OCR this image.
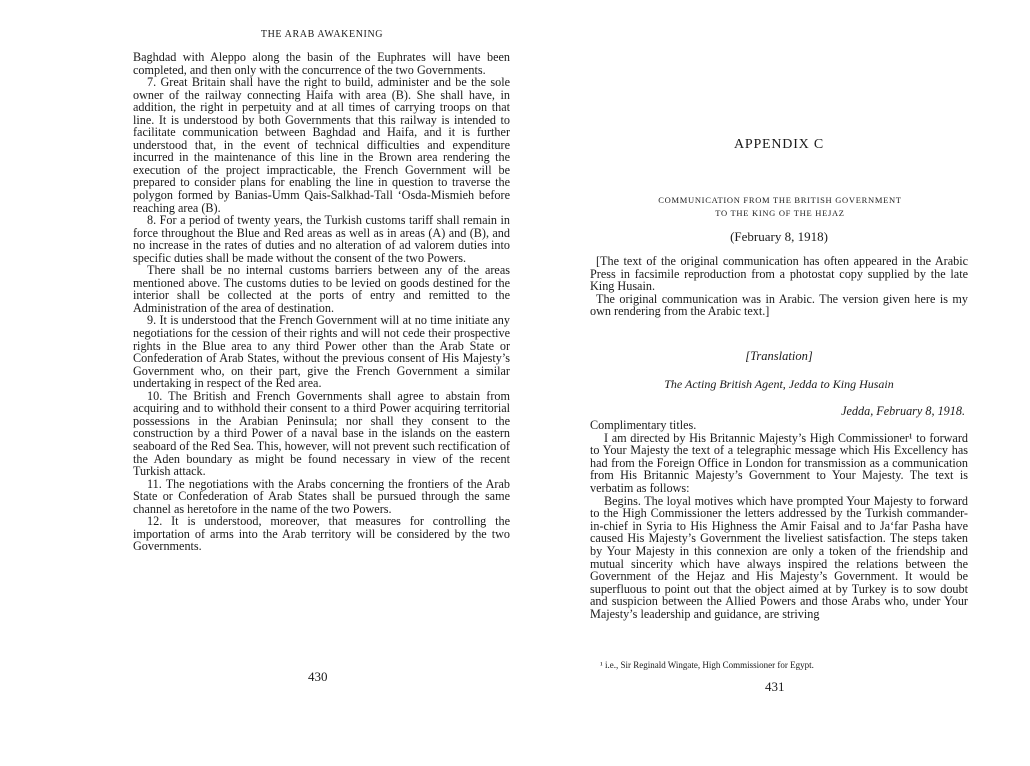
THE ARAB AWAKENING

Baghdad with Aleppo along the basin of the Euphrates will have been completed, and then only with the concurrence of the two Governments.

7. Great Britain shall have the right to build, administer and be the sole owner of the railway connecting Haifa with area (B). She shall have, in addition, the right in perpetuity and at all times of carrying troops on that line. It is understood by both Governments that this railway is intended to facilitate communication between Baghdad and Haifa, and it is further understood that, in the event of technical difficulties and expenditure incurred in the maintenance of this line in the Brown area rendering the execution of the project impracticable, the French Government will be prepared to consider plans for enabling the line in question to traverse the polygon formed by Banias-Umm Qais-Salkhad-Tall ‘Osda-Mismieh before reaching area (B).

8. For a period of twenty years, the Turkish customs tariff shall remain in force throughout the Blue and Red areas as well as in areas (A) and (B), and no increase in the rates of duties and no alteration of ad valorem duties into specific duties shall be made without the consent of the two Powers.

There shall be no internal customs barriers between any of the areas mentioned above. The customs duties to be levied on goods destined for the interior shall be collected at the ports of entry and remitted to the Administration of the area of destination.

9. It is understood that the French Government will at no time initiate any negotiations for the cession of their rights and will not cede their prospective rights in the Blue area to any third Power other than the Arab State or Confederation of Arab States, without the previous consent of His Majesty’s Government who, on their part, give the French Government a similar undertaking in respect of the Red area.

10. The British and French Governments shall agree to abstain from acquiring and to withhold their consent to a third Power acquiring territorial possessions in the Arabian Peninsula; nor shall they consent to the construction by a third Power of a naval base in the islands on the eastern seaboard of the Red Sea. This, however, will not prevent such rectification of the Aden boundary as might be found necessary in view of the recent Turkish attack.

11. The negotiations with the Arabs concerning the frontiers of the Arab State or Confederation of Arab States shall be pursued through the same channel as heretofore in the name of the two Powers.

12. It is understood, moreover, that measures for controlling the importation of arms into the Arab territory will be considered by the two Governments.

430
APPENDIX C
COMMUNICATION FROM THE BRITISH GOVERNMENT
TO THE KING OF THE HEJAZ
(February 8, 1918)

[The text of the original communication has often appeared in the Arabic Press in facsimile reproduction from a photostat copy supplied by the late King Husain.

The original communication was in Arabic. The version given here is my own rendering from the Arabic text.]

[Translation]
The Acting British Agent, Jedda to King Husain
Jedda, February 8, 1918.

Complimentary titles.

I am directed by His Britannic Majesty’s High Commissioner¹ to forward to Your Majesty the text of a telegraphic message which His Excellency has had from the Foreign Office in London for transmission as a communication from His Britannic Majesty’s Government to Your Majesty. The text is verbatim as follows:

Begins. The loyal motives which have prompted Your Majesty to forward to the High Commissioner the letters addressed by the Turkish commander-in-chief in Syria to His Highness the Amir Faisal and to Ja‘far Pasha have caused His Majesty’s Government the liveliest satisfaction. The steps taken by Your Majesty in this connexion are only a token of the friendship and mutual sincerity which have always inspired the relations between the Government of the Hejaz and His Majesty’s Government. It would be superfluous to point out that the object aimed at by Turkey is to sow doubt and suspicion between the Allied Powers and those Arabs who, under Your Majesty’s leadership and guidance, are striving

¹ i.e., Sir Reginald Wingate, High Commissioner for Egypt.
431
